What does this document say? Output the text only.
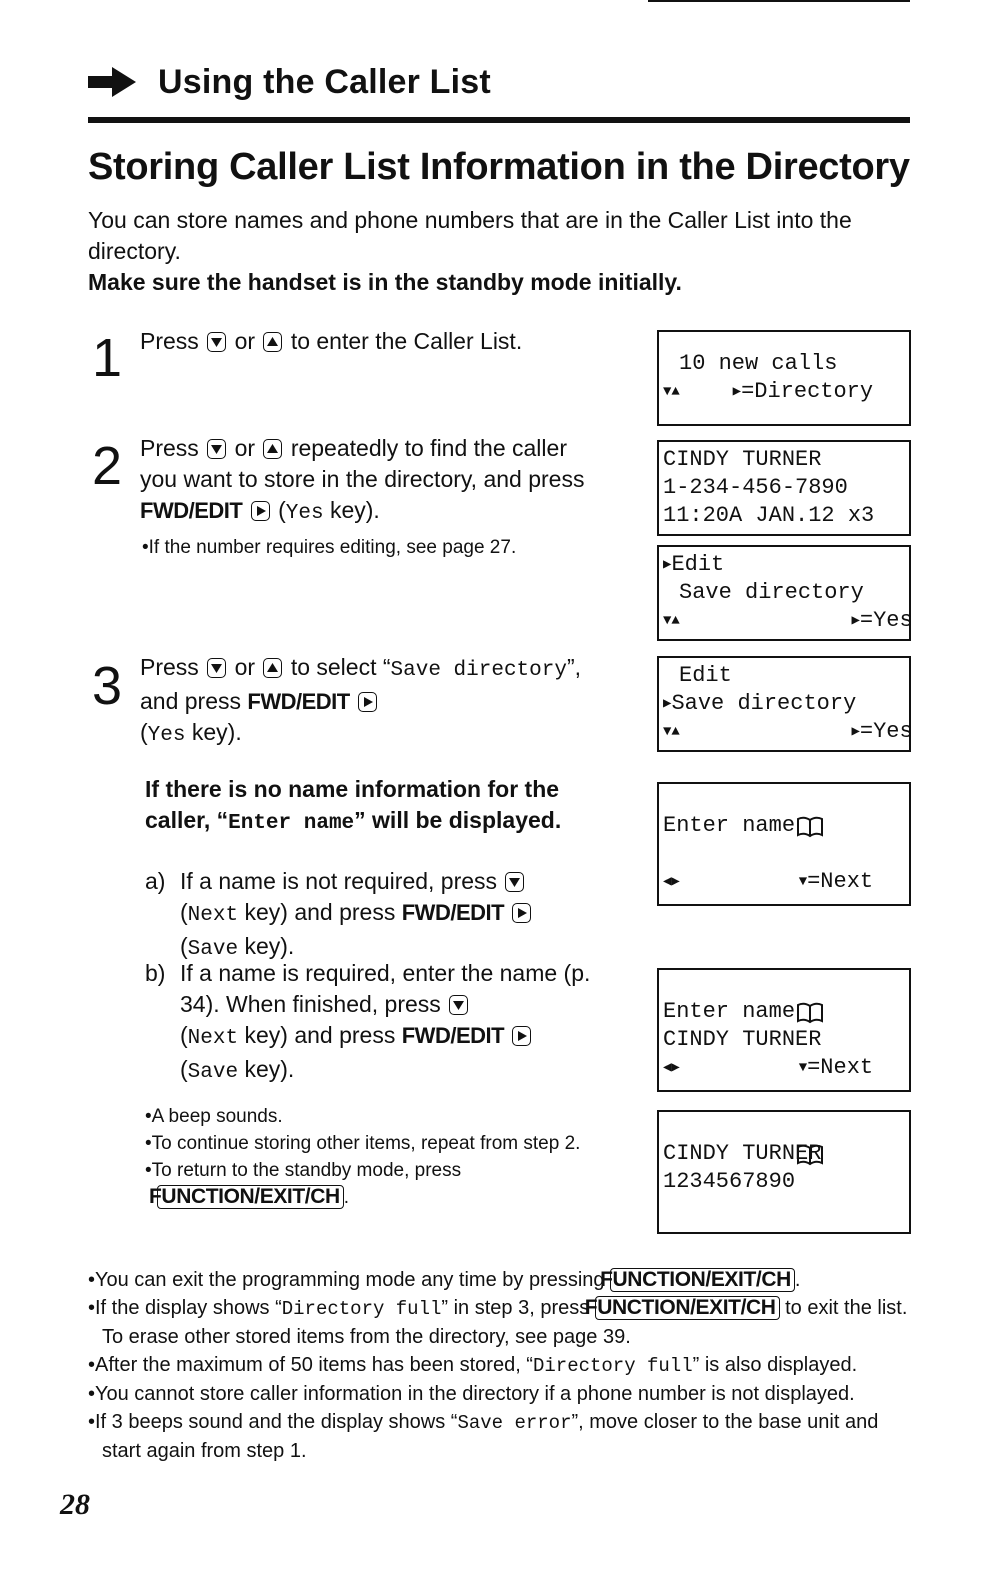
Using the Caller List
Storing Caller List Information in the Directory
You can store names and phone numbers that are in the Caller List into the directory.
Make sure the handset is in the standby mode initially.
1 Press or to enter the Caller List.
2 Press or repeatedly to find the caller you want to store in the directory, and press FWD/EDIT (Yes key).
•If the number requires editing, see page 27.
3 Press or to select “Save directory”, and press FWD/EDIT

(Yes key).
If there is no name information for the caller, “Enter name” will be displayed.
a) If a name is not required, press

(Next key) and press FWD/EDIT

(Save key).
b) If a name is required, enter the name (p. 34). When finished, press

(Next key) and press FWD/EDIT

(Save key).
•A beep sounds.
•To continue storing other items, repeat from step 2.
•To return to the standby mode, press FUNCTION/EXIT/CH .
10 new calls
▼▲	▶=Directory
CINDY TURNER
1-234-456-7890
11:20A JAN.12 x3
▶Edit
Save directory
▼▲	▶=Yes
Edit
▶Save directory
▼▲	▶=Yes

Enter name
◀▶	▼=Next

Enter name
CINDY TURNER
◀▶	▼=Next

CINDY TURNER
1234567890
•You can exit the programming mode any time by pressing FUNCTION/EXIT/CH .
•If the display shows “Directory full” in step 3, press FUNCTION/EXIT/CH to exit the list. To erase other stored items from the directory, see page 39.
•After the maximum of 50 items has been stored, “Directory full” is also displayed.
•You cannot store caller information in the directory if a phone number is not displayed.
•If 3 beeps sound and the display shows “Save error”, move closer to the base unit and start again from step 1.
28
